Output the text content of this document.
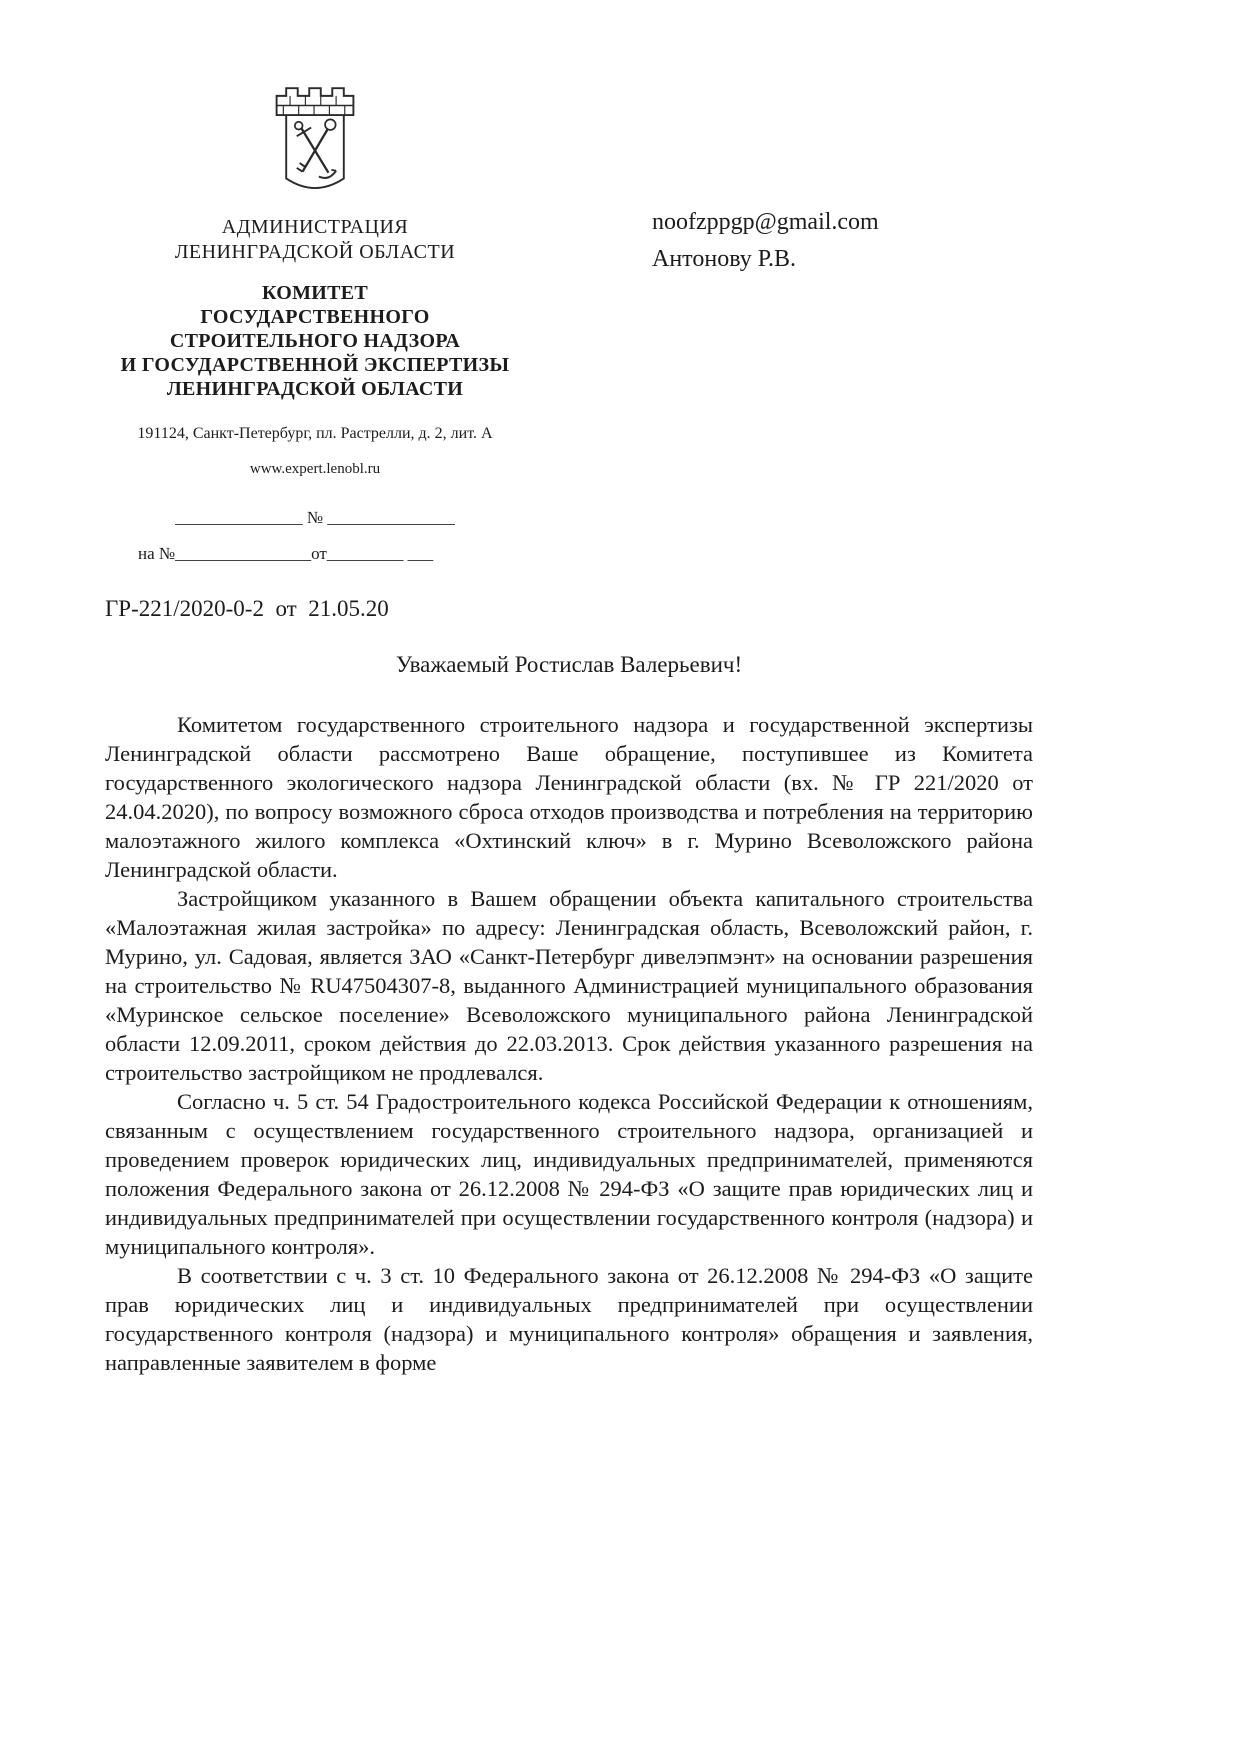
АДМИНИСТРАЦИЯ
ЛЕНИНГРАДСКОЙ ОБЛАСТИ
КОМИТЕТ
ГОСУДАРСТВЕННОГО
СТРОИТЕЛЬНОГО НАДЗОРА
И ГОСУДАРСТВЕННОЙ ЭКСПЕРТИЗЫ
ЛЕНИНГРАДСКОЙ ОБЛАСТИ
191124, Санкт-Петербург, пл. Растрелли, д. 2, лит. А
www.expert.lenobl.ru
_______________ № _______________
на №________________от_________ ___
noofzppgp@gmail.com
Антонову Р.В.
ГР-221/2020-0-2  от  21.05.20
Уважаемый Ростислав Валерьевич!

Комитетом государственного строительного надзора и государственной экспертизы Ленинградской области рассмотрено Ваше обращение, поступившее из Комитета государственного экологического надзора Ленинградской области (вх. № ГР 221/2020 от 24.04.2020), по вопросу возможного сброса отходов производства и потребления на территорию малоэтажного жилого комплекса «Охтинский ключ» в г. Мурино Всеволожского района Ленинградской области.

Застройщиком указанного в Вашем обращении объекта капитального строительства «Малоэтажная жилая застройка» по адресу: Ленинградская область, Всеволожский район, г. Мурино, ул. Садовая, является ЗАО «Санкт-Петербург дивелэпмэнт» на основании разрешения на строительство № RU47504307-8, выданного Администрацией муниципального образования «Муринское сельское поселение» Всеволожского муниципального района Ленинградской области 12.09.2011, сроком действия до 22.03.2013. Срок действия указанного разрешения на строительство застройщиком не продлевался.

Согласно ч. 5 ст. 54 Градостроительного кодекса Российской Федерации к отношениям, связанным с осуществлением государственного строительного надзора, организацией и проведением проверок юридических лиц, индивидуальных предпринимателей, применяются положения Федерального закона от 26.12.2008 № 294-ФЗ «О защите прав юридических лиц и индивидуальных предпринимателей при осуществлении государственного контроля (надзора) и муниципального контроля».

В соответствии с ч. 3 ст. 10 Федерального закона от 26.12.2008 № 294-ФЗ «О защите прав юридических лиц и индивидуальных предпринимателей при осуществлении государственного контроля (надзора) и муниципального контроля» обращения и заявления, направленные заявителем в форме
